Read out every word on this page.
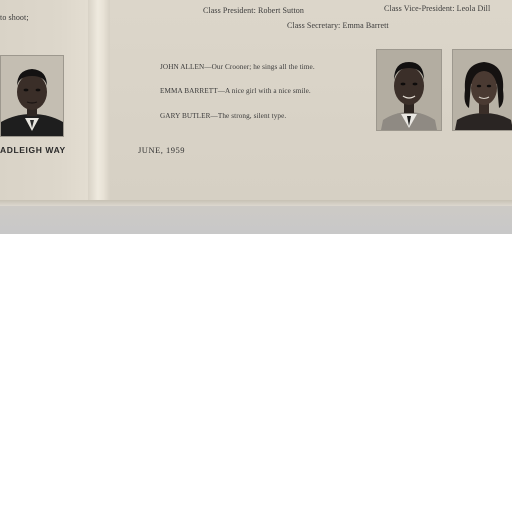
to shoot;
ADLEIGH WAY
Class President: Robert Sutton	Class Vice-President: Leola Dill
Class Secretary: Emma Barrett
JOHN ALLEN—Our Crooner; he sings all the time.
EMMA BARRETT—A nice girl with a nice smile.
GARY BUTLER—The strong, silent type.
JUNE, 1959
